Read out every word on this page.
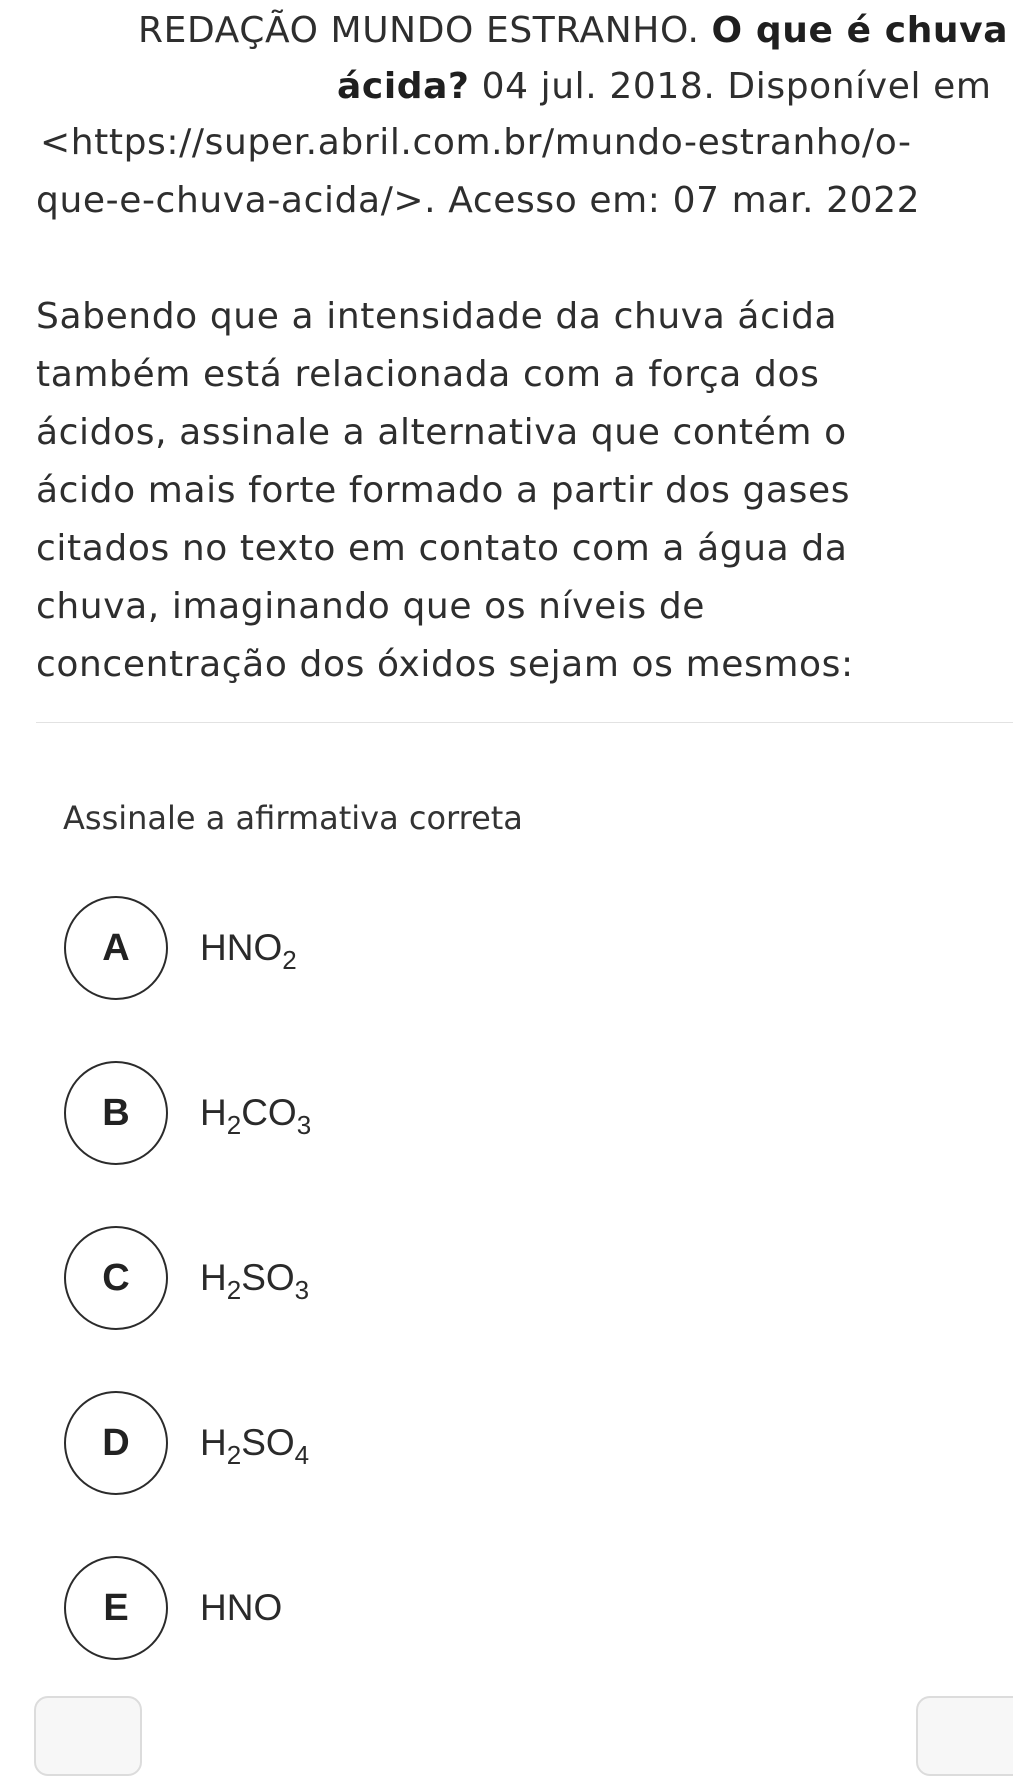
REDAÇÃO MUNDO ESTRANHO. O que é chuva
ácida? 04 jul. 2018. Disponível em
<https://super.abril.com.br/mundo-estranho/o-
que-e-chuva-acida/>. Acesso em: 07 mar. 2022
Sabendo que a intensidade da chuva ácida
também está relacionada com a força dos
ácidos, assinale a alternativa que contém o
ácido mais forte formado a partir dos gases
citados no texto em contato com a água da
chuva, imaginando que os níveis de
concentração dos óxidos sejam os mesmos:
Assinale a afirmativa correta
A	$HNO_2$
B	$H_2CO_3$
C	$H_2SO_3$
D	$H_2SO_4$
E	HNO
